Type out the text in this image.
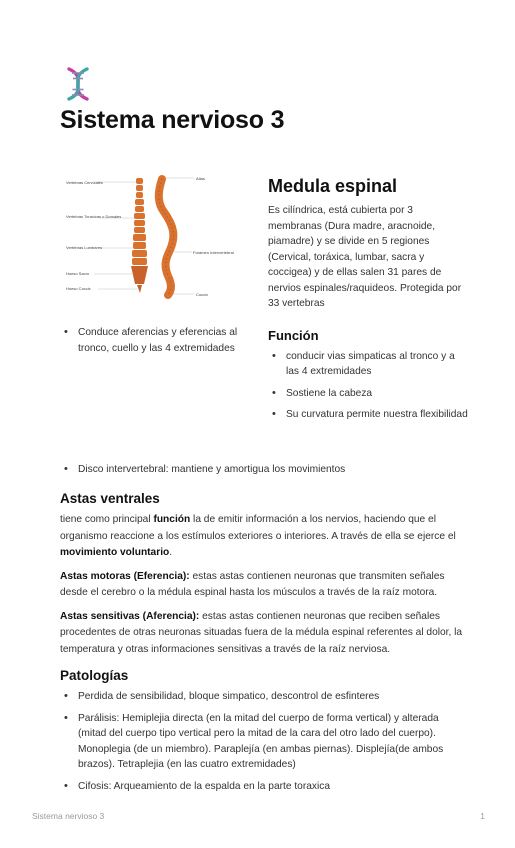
Sistema nervioso 3
Vertebras Cervicales
Vertebras Toracicas o Dorsales
Vertebras Lumbares
Hueso Sacro
Hueso Coccix
Atlas
Foramen Intervertebral
Coccix
Medula espinal

Es cilíndrica, está cubierta por 3 membranas (Dura madre, aracnoide, piamadre) y se divide en 5 regiones (Cervical, toráxica, lumbar, sacra y coccigea) y de ellas salen 31 pares de nervios espinales/raquideos. Protegida por 33 vertebras

Función
• conducir vias simpaticas al tronco y a las 4 extremidades
• Sostiene la cabeza
• Su curvatura permite nuestra flexibilidad
• Conduce aferencias y eferencias al tronco, cuello y las 4 extremidades
• Disco intervertebral: mantiene y amortigua los movimientos
Astas ventrales

tiene como principal función la de emitir información a los nervios, haciendo que el organismo reaccione a los estímulos exteriores o interiores. A través de ella se ejerce el movimiento voluntario.

Astas motoras (Eferencia): estas astas contienen neuronas que transmiten señales desde el cerebro o la médula espinal hasta los músculos a través de la raíz motora.

Astas sensitivas (Aferencia): estas astas contienen neuronas que reciben señales procedentes de otras neuronas situadas fuera de la médula espinal referentes al dolor, la temperatura y otras informaciones sensitivas a través de la raíz nerviosa.

Patologías
• Perdida de sensibilidad, bloque simpatico, descontrol de esfinteres
• Parálisis: Hemiplejia directa (en la mitad del cuerpo de forma vertical) y alterada (mitad del cuerpo tipo vertical pero la mitad de la cara del otro lado del cuerpo). Monoplegia (de un miembro). Paraplejía (en ambas piernas). Displejía(de ambos brazos). Tetraplejia (en las cuatro extremidades)
• Cifosis: Arqueamiento de la espalda en la parte toraxica
Sistema nervioso 3	1
